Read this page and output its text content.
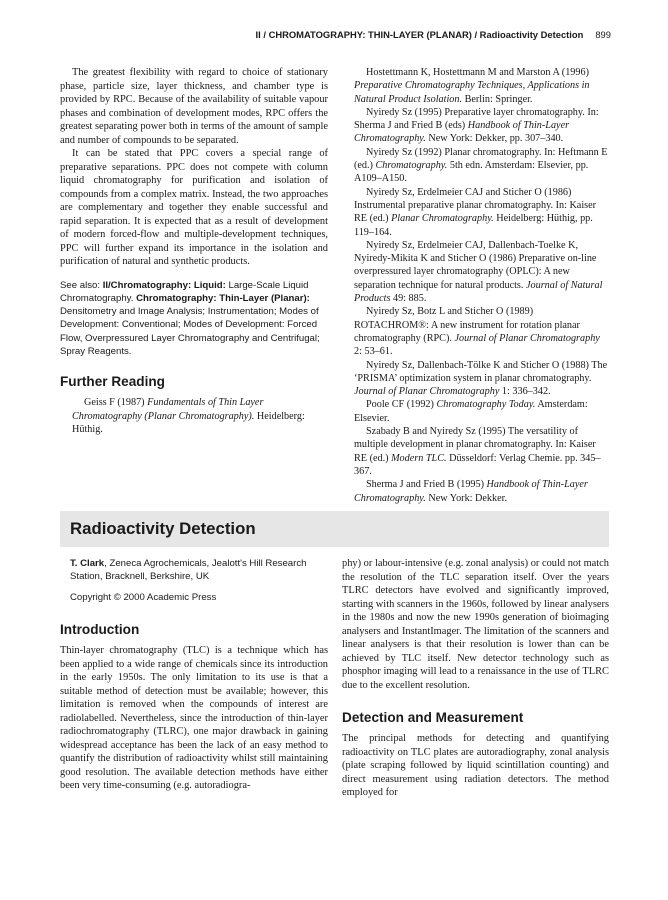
II / CHROMATOGRAPHY: THIN-LAYER (PLANAR) / Radioactivity Detection 899

The greatest flexibility with regard to choice of stationary phase, particle size, layer thickness, and chamber type is provided by RPC. Because of the availability of suitable vapour phases and combination of development modes, RPC offers the greatest separating power both in terms of the amount of sample and number of compounds to be separated.

It can be stated that PPC covers a special range of preparative separations. PPC does not compete with column liquid chromatography for purification and isolation of compounds from a complex matrix. Instead, the two approaches are complementary and together they enable successful and rapid separation. It is expected that as a result of development of modern forced-flow and multiple-development techniques, PPC will further expand its importance in the isolation and purification of natural and synthetic products.

See also: II/Chromatography: Liquid: Large-Scale Liquid Chromatography. Chromatography: Thin-Layer (Planar): Densitometry and Image Analysis; Instrumentation; Modes of Development: Conventional; Modes of Development: Forced Flow, Overpressured Layer Chromatography and Centrifugal; Spray Reagents.
Further Reading

Geiss F (1987) Fundamentals of Thin Layer Chromatography (Planar Chromatography). Heidelberg: Hüthig.

Hostettmann K, Hostettmann M and Marston A (1996) Preparative Chromatography Techniques, Applications in Natural Product Isolation. Berlin: Springer.

Nyiredy Sz (1995) Preparative layer chromatography. In: Sherma J and Fried B (eds) Handbook of Thin-Layer Chromatography. New York: Dekker, pp. 307–340.

Nyiredy Sz (1992) Planar chromatography. In: Heftmann E (ed.) Chromatography. 5th edn. Amsterdam: Elsevier, pp. A109–A150.

Nyiredy Sz, Erdelmeier CAJ and Sticher O (1986) Instrumental preparative planar chromatography. In: Kaiser RE (ed.) Planar Chromatography. Heidelberg: Hüthig, pp. 119–164.

Nyiredy Sz, Erdelmeier CAJ, Dallenbach-Toelke K, Nyiredy-Mikita K and Sticher O (1986) Preparative on-line overpressured layer chromatography (OPLC): A new separation technique for natural products. Journal of Natural Products 49: 885.

Nyiredy Sz, Botz L and Sticher O (1989) ROTACHROM®: A new instrument for rotation planar chromatography (RPC). Journal of Planar Chromatography 2: 53–61.

Nyiredy Sz, Dallenbach-Tölke K and Sticher O (1988) The ‘PRISMA’ optimization system in planar chromatography. Journal of Planar Chromatography 1: 336–342.

Poole CF (1992) Chromatography Today. Amsterdam: Elsevier.

Szabady B and Nyiredy Sz (1995) The versatility of multiple development in planar chromatography. In: Kaiser RE (ed.) Modern TLC. Düsseldorf: Verlag Chemie. pp. 345–367.

Sherma J and Fried B (1995) Handbook of Thin-Layer Chromatography. New York: Dekker.

Radioactivity Detection
T. Clark, Zeneca Agrochemicals, Jealott's Hill Research Station, Bracknell, Berkshire, UK
Copyright © 2000 Academic Press
Introduction

Thin-layer chromatography (TLC) is a technique which has been applied to a wide range of chemicals since its introduction in the early 1950s. The only limitation to its use is that a suitable method of detection must be available; however, this limitation is removed when the compounds of interest are radiolabelled. Nevertheless, since the introduction of thin-layer radiochromatography (TLRC), one major drawback in gaining widespread acceptance has been the lack of an easy method to quantify the distribution of radioactivity whilst still maintaining good resolution. The available detection methods have either been very time-consuming (e.g. autoradiogra-

phy) or labour-intensive (e.g. zonal analysis) or could not match the resolution of the TLC separation itself. Over the years TLRC detectors have evolved and significantly improved, starting with scanners in the 1960s, followed by linear analysers in the 1980s and now the new 1990s generation of bioimaging analysers and InstantImager. The limitation of the scanners and linear analysers is that their resolution is lower than can be achieved by TLC itself. New detector technology such as phosphor imaging will lead to a renaissance in the use of TLRC due to the excellent resolution.

Detection and Measurement

The principal methods for detecting and quantifying radioactivity on TLC plates are autoradiography, zonal analysis (plate scraping followed by liquid scintillation counting) and direct measurement using radiation detectors. The method employed for
